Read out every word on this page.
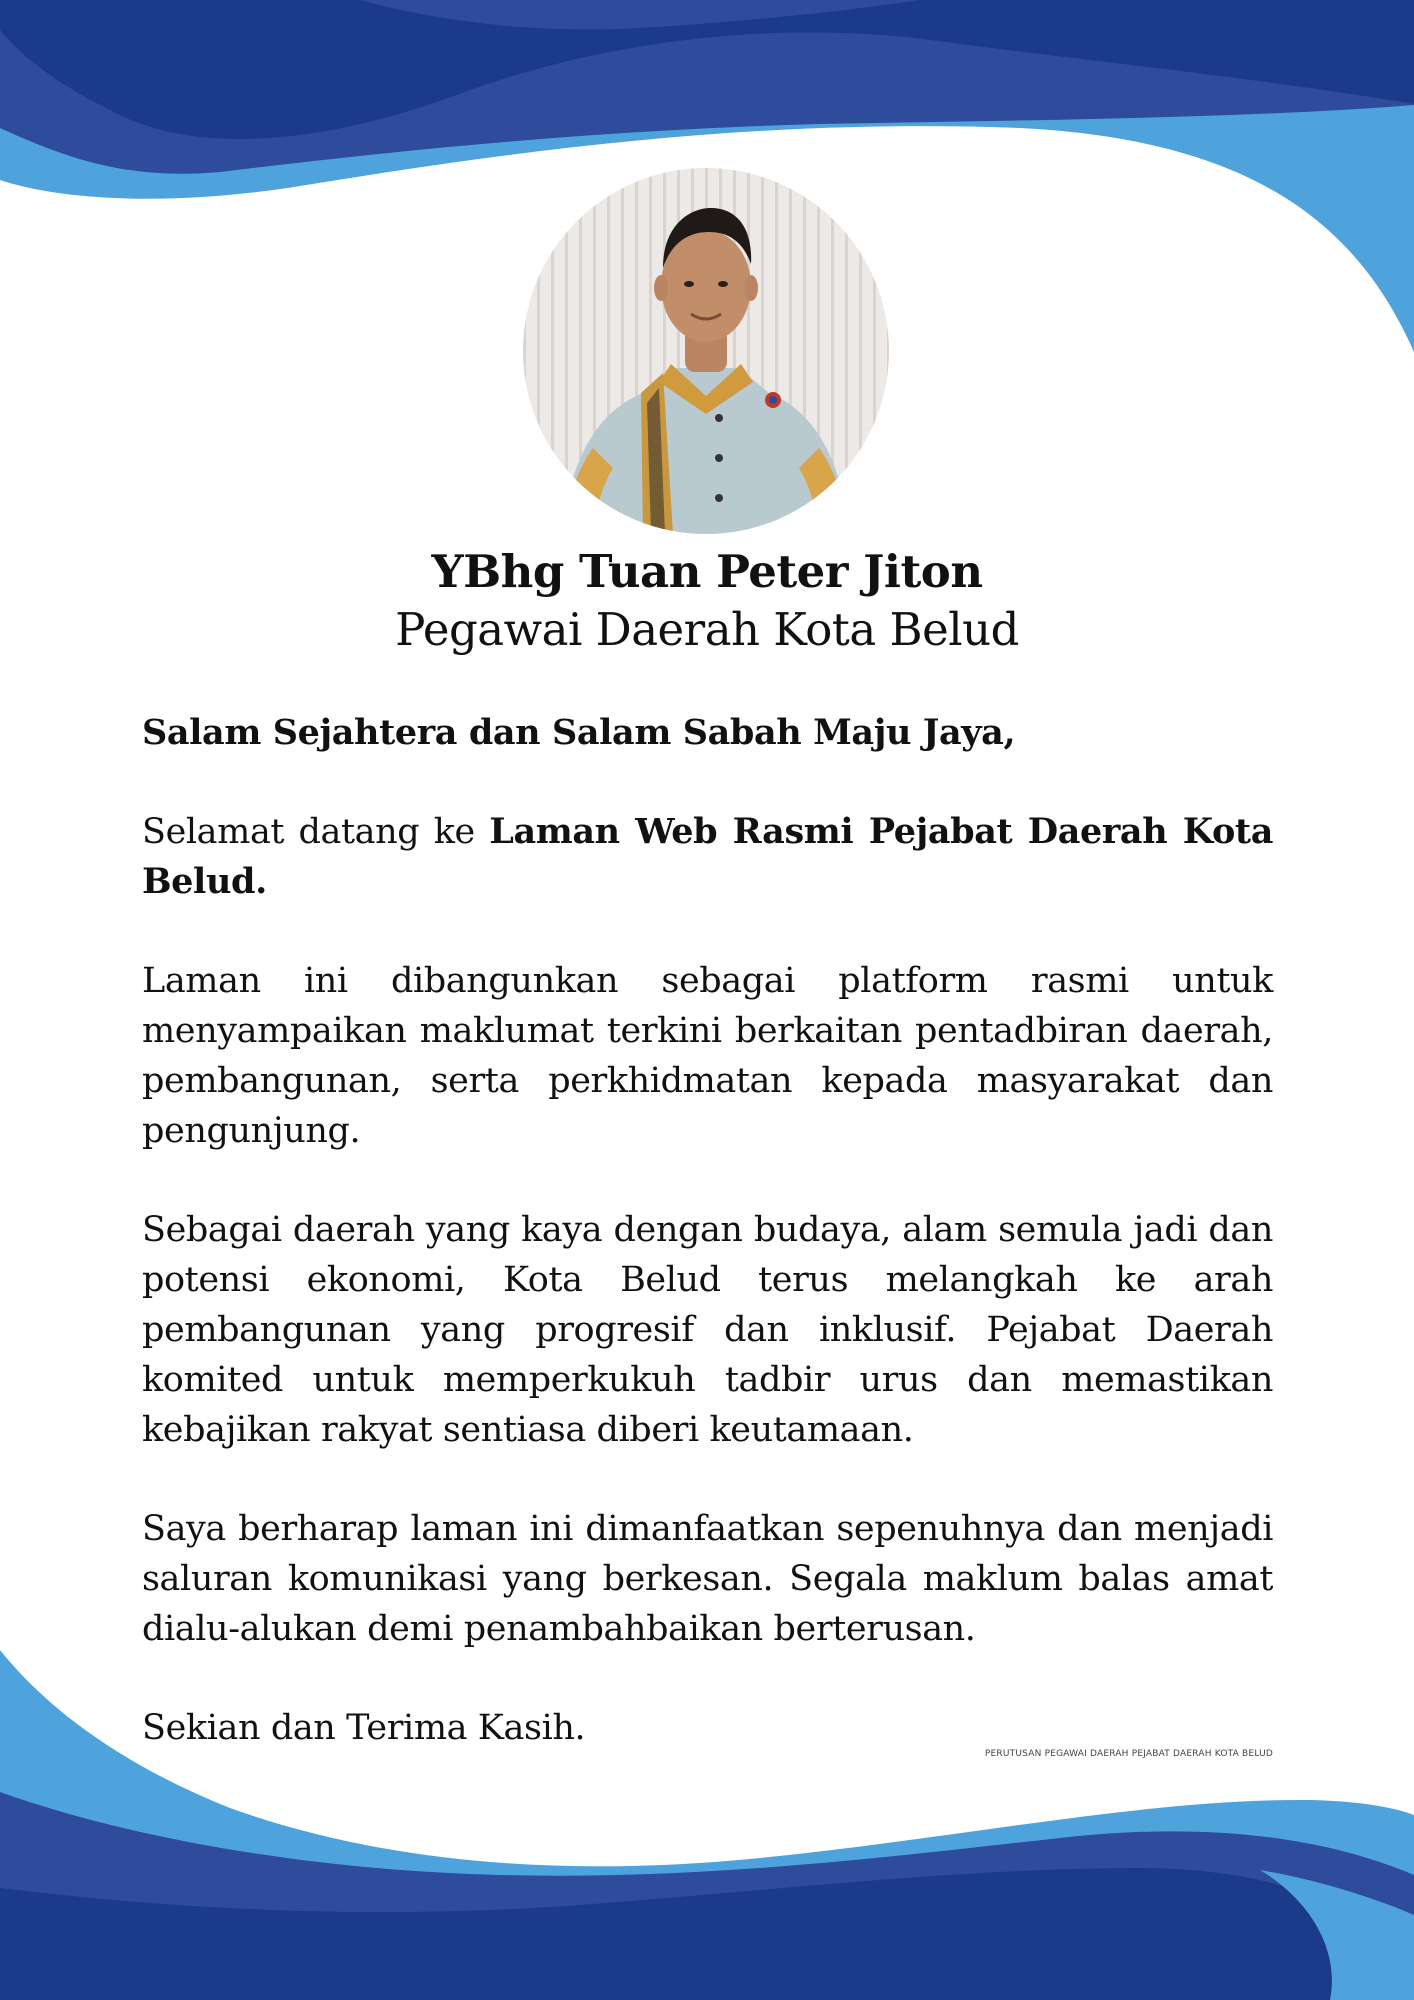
YBhg Tuan Peter Jiton
Pegawai Daerah Kota Belud

Salam Sejahtera dan Salam Sabah Maju Jaya,

Selamat datang ke Laman Web Rasmi Pejabat Daerah Kota Belud.

Laman ini dibangunkan sebagai platform rasmi untuk menyampaikan maklumat terkini berkaitan pentadbiran daerah, pembangunan, serta perkhidmatan kepada masyarakat dan pengunjung.

Sebagai daerah yang kaya dengan budaya, alam semula jadi dan potensi ekonomi, Kota Belud terus melangkah ke arah pembangunan yang progresif dan inklusif. Pejabat Daerah komited untuk memperkukuh tadbir urus dan memastikan kebajikan rakyat sentiasa diberi keutamaan.

Saya berharap laman ini dimanfaatkan sepenuhnya dan menjadi saluran komunikasi yang berkesan. Segala maklum balas amat dialu-alukan demi penambahbaikan berterusan.

Sekian dan Terima Kasih.

PERUTUSAN PEGAWAI DAERAH PEJABAT DAERAH KOTA BELUD
